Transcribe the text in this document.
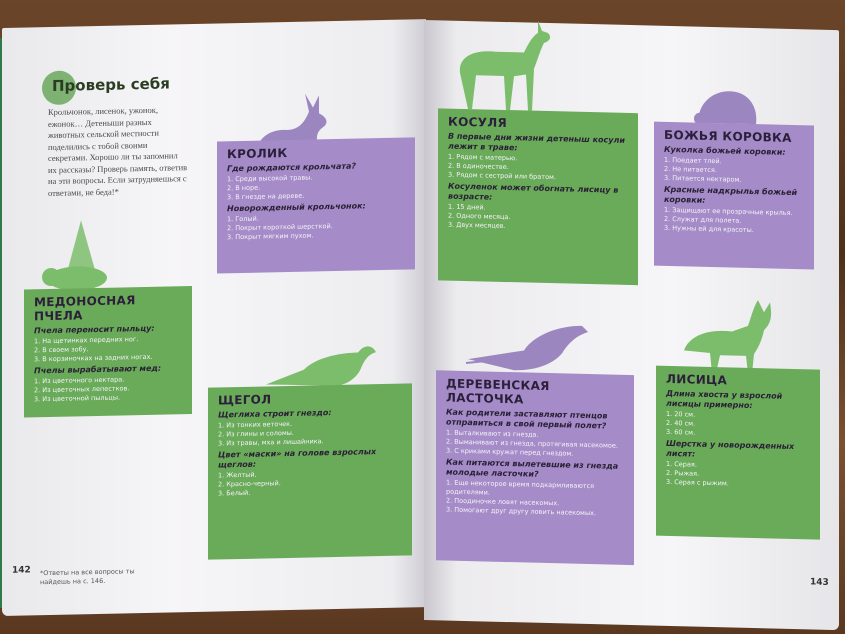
Проверь себя
Крольчонок, лисенок, ужонок, ежонок… Детеныши разных животных сельской местности поделились с тобой своими секретами. Хорошо ли ты запомнил их рассказы? Проверь память, ответив на эти вопросы. Если затрудняешься с ответами, не беда!*
КРОЛИК
Где рождаются крольчата?
1. Среди высокой травы.
2. В норе.
3. В гнезде на дереве.
Новорожденный крольчонок:
1. Голый.
2. Покрыт короткой шерсткой.
3. Покрыт мягким пухом.
МЕДОНОСНАЯ ПЧЕЛА
Пчела переносит пыльцу:
1. На щетинках передних ног.
2. В своем зобу.
3. В корзиночках на задних ногах.
Пчелы вырабатывают мед:
1. Из цветочного нектара.
2. Из цветочных лепестков.
3. Из цветочной пыльцы.	ЩЕГОЛ
Щеглиха строит гнездо:
1. Из тонких веточек.
2. Из глины и соломы.
3. Из травы, мха и лишайника.
Цвет «маски» на голове взрослых щеглов:
1. Желтый.
2. Красно-черный.
3. Белый.
*Ответы на все вопросы ты найдешь на с. 146.
142
КОСУЛЯ
В первые дни жизни детеныш косули лежит в траве:
1. Рядом с матерью.
2. В одиночестве.
3. Рядом с сестрой или братом.
Косуленок может обогнать лисицу в возрасте:
1. 15 дней.
2. Одного месяца.
3. Двух месяцев.
БОЖЬЯ КОРОВКА
Куколка божьей коровки:
1. Поедает тлей.
2. Не питается.
3. Питается нектаром.
Красные надкрылья божьей коровки:
1. Защищают ее прозрачные крылья.
2. Служат для полета.
3. Нужны ей для красоты.
ДЕРЕВЕНСКАЯ ЛАСТОЧКА
Как родители заставляют птенцов отправиться в свой первый полет?
1. Выталкивают из гнезда.
2. Выманивают из гнезда, протягивая насекомое.
3. С криками кружат перед гнездом.
Как питаются вылетевшие из гнезда молодые ласточки?
1. Еще некоторое время подкармливаются родителями.
2. Поодиночке ловят насекомых.
3. Помогают друг другу ловить насекомых.
ЛИСИЦА
Длина хвоста у взрослой лисицы примерно:
1. 20 см.
2. 40 см.
3. 60 см.
Шерстка у новорожденных лисят:
1. Серая.
2. Рыжая.
3. Серая с рыжим.
143
